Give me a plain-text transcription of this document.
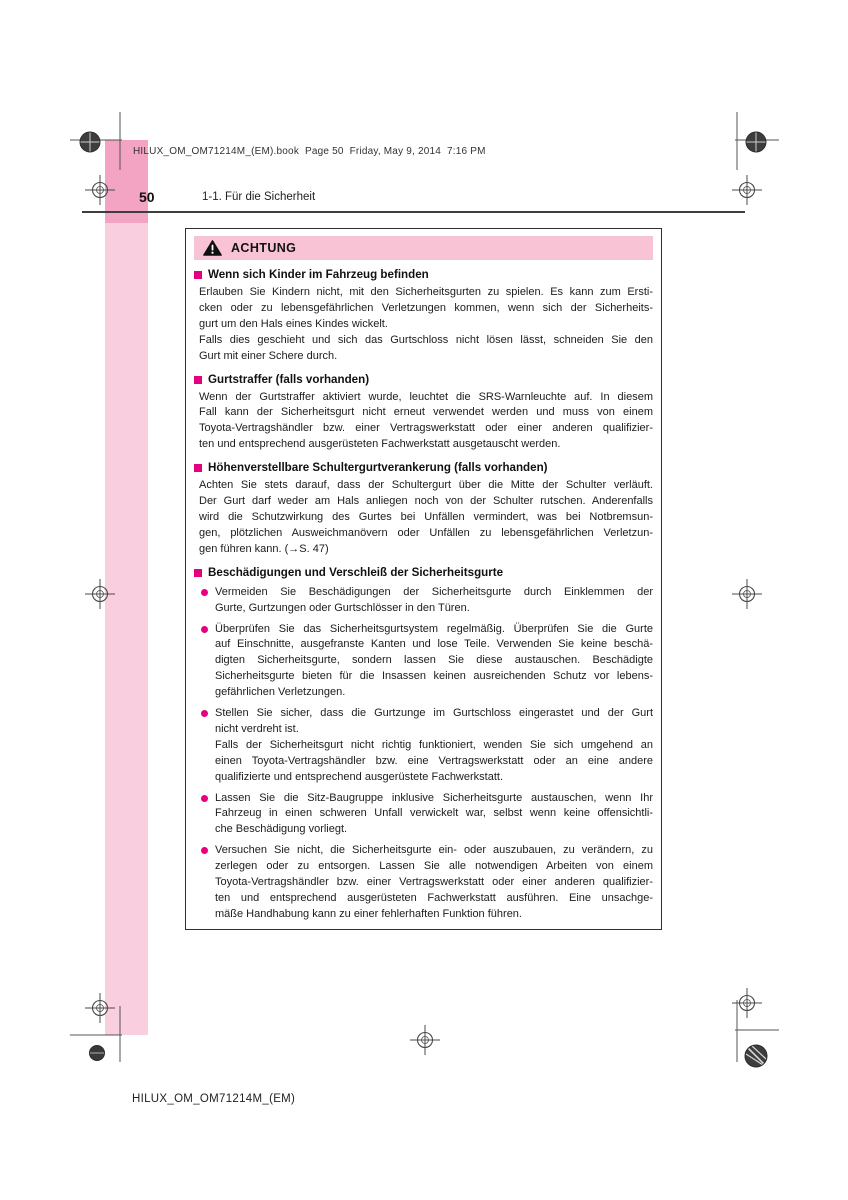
HILUX_OM_OM71214M_(EM).book  Page 50  Friday, May 9, 2014  7:16 PM
50	1-1. Für die Sicherheit
ACHTUNG
Wenn sich Kinder im Fahrzeug befinden
Erlauben Sie Kindern nicht, mit den Sicherheitsgurten zu spielen. Es kann zum Ersti-
cken oder zu lebensgefährlichen Verletzungen kommen, wenn sich der Sicherheits-
gurt um den Hals eines Kindes wickelt.
Falls dies geschieht und sich das Gurtschloss nicht lösen lässt, schneiden Sie den
Gurt mit einer Schere durch.
Gurtstraffer (falls vorhanden)
Wenn der Gurtstraffer aktiviert wurde, leuchtet die SRS-Warnleuchte auf. In diesem
Fall kann der Sicherheitsgurt nicht erneut verwendet werden und muss von einem
Toyota-Vertragshändler bzw. einer Vertragswerkstatt oder einer anderen qualifizier-
ten und entsprechend ausgerüsteten Fachwerkstatt ausgetauscht werden.
Höhenverstellbare Schultergurtverankerung (falls vorhanden)
Achten Sie stets darauf, dass der Schultergurt über die Mitte der Schulter verläuft.
Der Gurt darf weder am Hals anliegen noch von der Schulter rutschen. Anderenfalls
wird die Schutzwirkung des Gurtes bei Unfällen vermindert, was bei Notbremsun-
gen, plötzlichen Ausweichmanövern oder Unfällen zu lebensgefährlichen Verletzun-
gen führen kann. (→S. 47)
Beschädigungen und Verschleiß der Sicherheitsgurte
Vermeiden Sie Beschädigungen der Sicherheitsgurte durch Einklemmen der
Gurte, Gurtzungen oder Gurtschlösser in den Türen.
Überprüfen Sie das Sicherheitsgurtsystem regelmäßig. Überprüfen Sie die Gurte
auf Einschnitte, ausgefranste Kanten und lose Teile. Verwenden Sie keine beschä-
digten Sicherheitsgurte, sondern lassen Sie diese austauschen. Beschädigte
Sicherheitsgurte bieten für die Insassen keinen ausreichenden Schutz vor lebens-
gefährlichen Verletzungen.
Stellen Sie sicher, dass die Gurtzunge im Gurtschloss eingerastet und der Gurt
nicht verdreht ist.
Falls der Sicherheitsgurt nicht richtig funktioniert, wenden Sie sich umgehend an
einen Toyota-Vertragshändler bzw. eine Vertragswerkstatt oder an eine andere
qualifizierte und entsprechend ausgerüstete Fachwerkstatt.
Lassen Sie die Sitz-Baugruppe inklusive Sicherheitsgurte austauschen, wenn Ihr
Fahrzeug in einen schweren Unfall verwickelt war, selbst wenn keine offensichtli-
che Beschädigung vorliegt.
Versuchen Sie nicht, die Sicherheitsgurte ein- oder auszubauen, zu verändern, zu
zerlegen oder zu entsorgen. Lassen Sie alle notwendigen Arbeiten von einem
Toyota-Vertragshändler bzw. einer Vertragswerkstatt oder einer anderen qualifizier-
ten und entsprechend ausgerüsteten Fachwerkstatt ausführen. Eine unsachge-
mäße Handhabung kann zu einer fehlerhaften Funktion führen.
HILUX_OM_OM71214M_(EM)
